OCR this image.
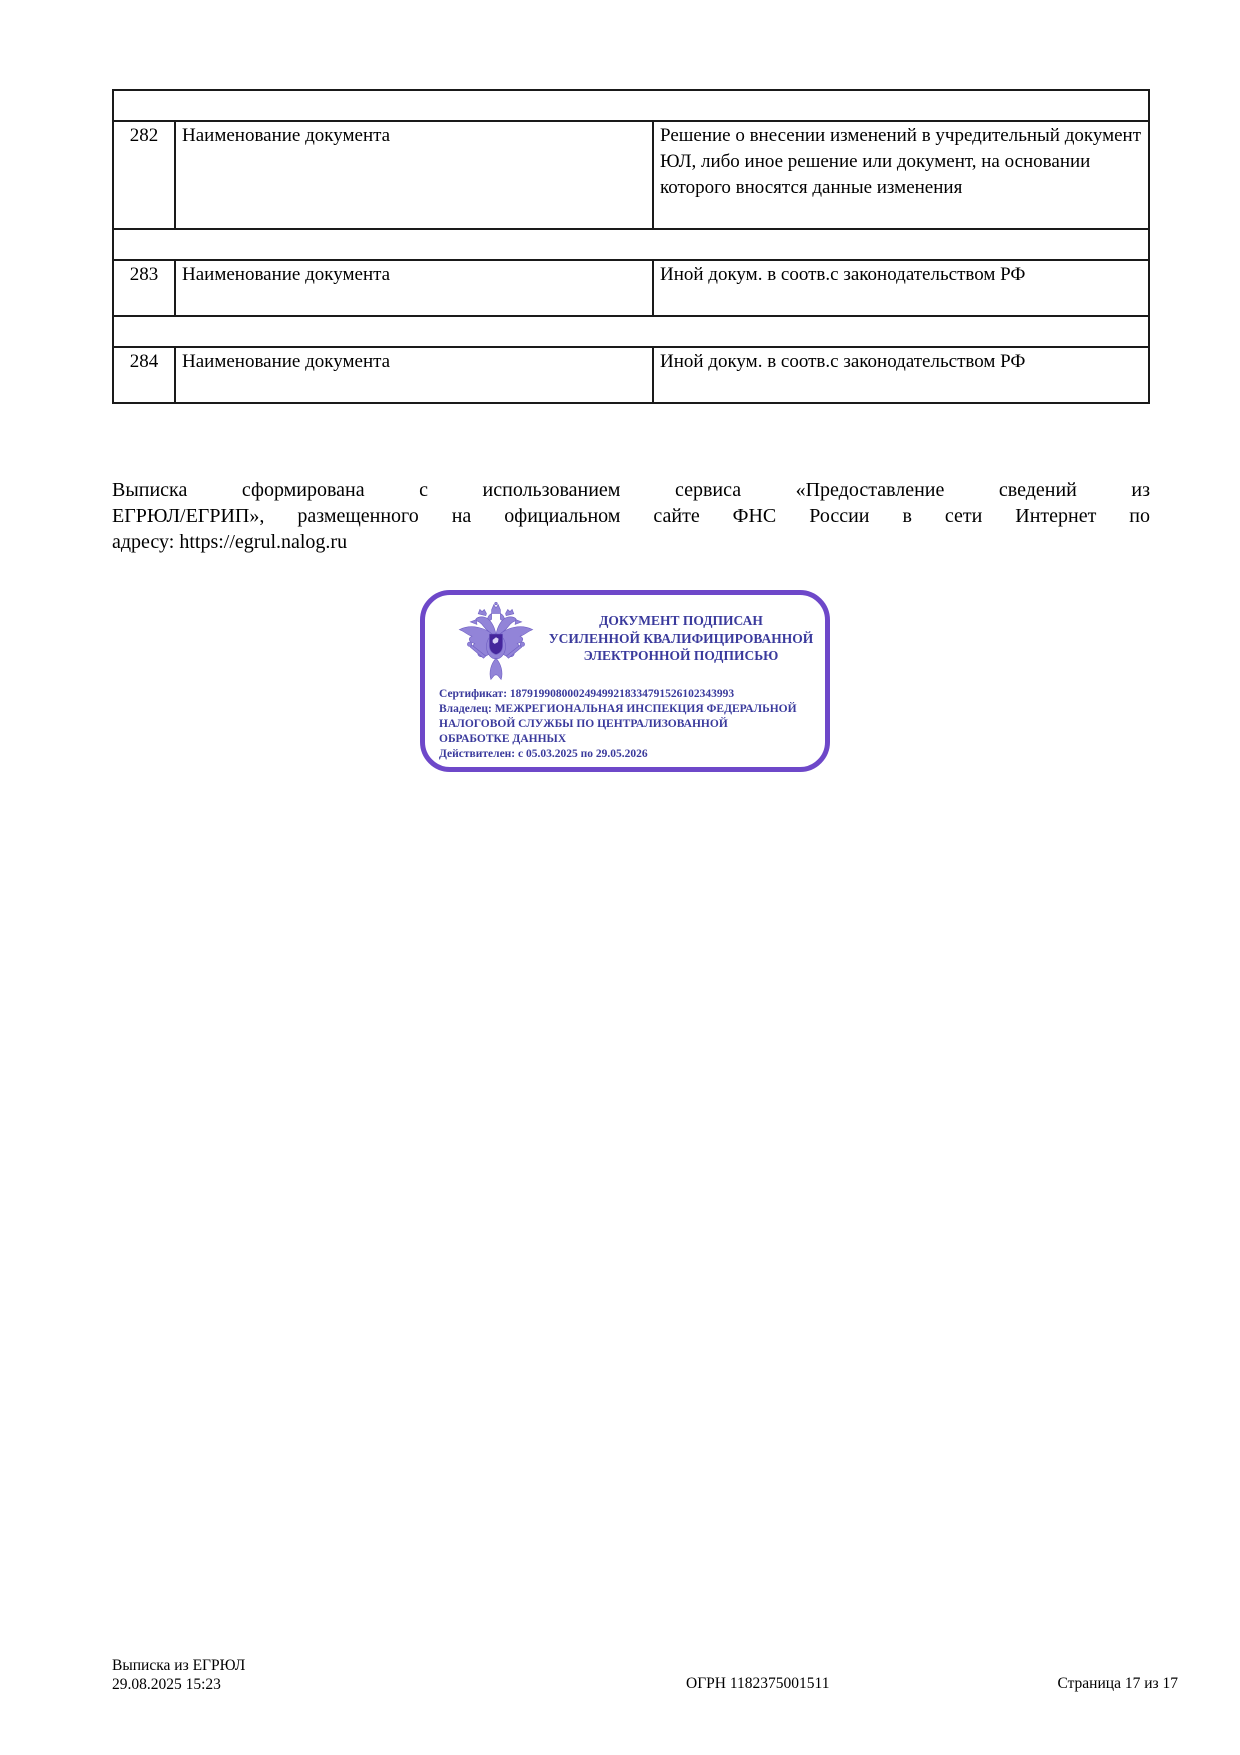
282	Наименование документа	Решение о внесении изменений в учредительный документ ЮЛ, либо иное решение или документ, на основании которого вносятся данные изменения

283	Наименование документа	Иной докум. в соотв.с законодательством РФ

284	Наименование документа	Иной докум. в соотв.с законодательством РФ
Выписка сформирована с использованием сервиса «Предоставление сведений из
ЕГРЮЛ/ЕГРИП», размещенного на официальном сайте ФНС России в сети Интернет по
адресу: https://egrul.nalog.ru
ДОКУМЕНТ ПОДПИСАН
УСИЛЕННОЙ КВАЛИФИЦИРОВАННОЙ
ЭЛЕКТРОННОЙ ПОДПИСЬЮ
Сертификат: 187919908000249499218334791526102343993
Владелец: МЕЖРЕГИОНАЛЬНАЯ ИНСПЕКЦИЯ ФЕДЕРАЛЬНОЙ НАЛОГОВОЙ СЛУЖБЫ ПО ЦЕНТРАЛИЗОВАННОЙ ОБРАБОТКЕ ДАННЫХ
Действителен: с 05.03.2025 по 29.05.2026
Выписка из ЕГРЮЛ
29.08.2025 15:23	ОГРН 1182375001511	Страница 17 из 17
